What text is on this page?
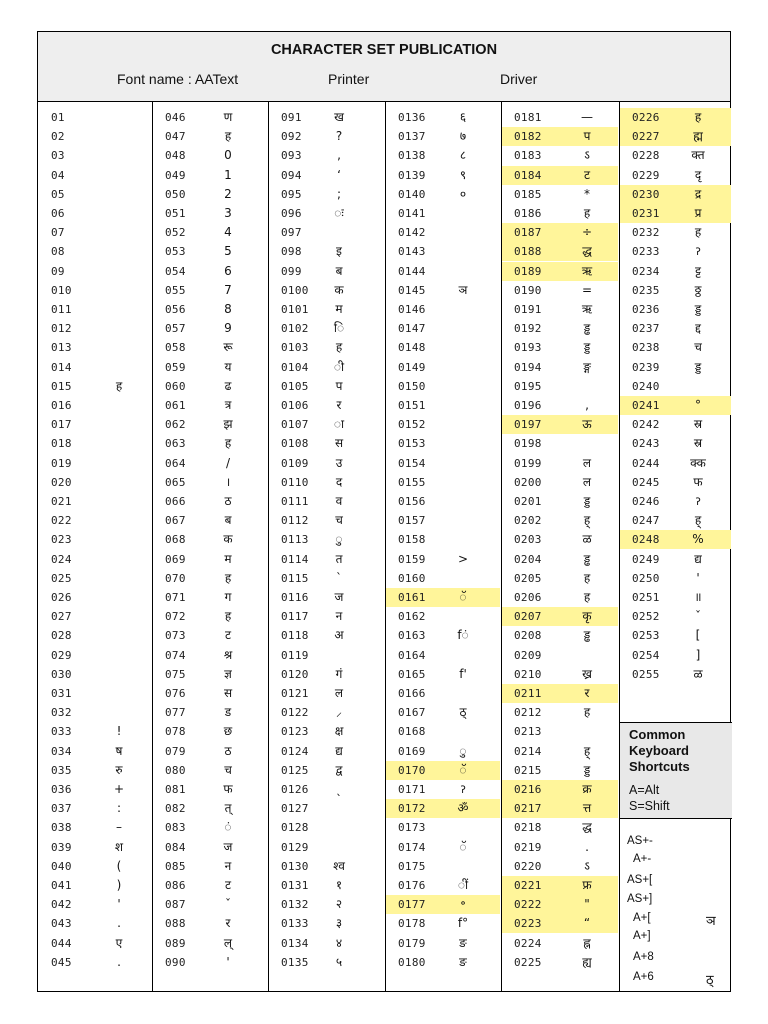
CHARACTER SET PUBLICATION
Font name : AAText	Printer	Driver
01
02
03
04
05
06
07
08
09
010
011
012
013
014
015	ह
016
017
018
019
020
021
022
023
024
025
026
027
028
029
030
031
032
033	!
034	ष
035	रु
036	+
037	:
038	–
039	श
040	(
041	)
042	'
043	.
044	ए
045	.
046	ण
047	ह
048	0
049	1
050	2
051	3
052	4
053	5
054	6
055	7
056	8
057	9
058	रू
059	य
060	ढ
061	त्र
062	झ
063	ह
064	/
065	।
066	ठ
067	ब
068	क
069	म
070	ह
071	ग
072	ह
073	ट
074	श्र
075	ज्ञ
076	स
077	ड
078	छ
079	ठ
080	च
081	फ
082	त्
083	ं
084	ज
085	न
086	ट
087	ˇ
088	र
089	ल्
090	'
091	ख
092	?
093	,
094	‘
095	;
096	ः
097
098	इ
099	ब
0100	क
0101	म
0102	ि
0103	ह
0104	ी
0105	प
0106	र
0107	ा
0108	स
0109	उ
0110	द
0111	व
0112	च
0113	ु
0114	त
0115	`
0116	ज
0117	न
0118	अ
0119
0120	गं
0121	ल
0122	⸝
0123	क्ष
0124	द्य
0125	द्व
0126	ˎ
0127
0128
0129
0130	श्व
0131	१
0132	२
0133	३
0134	४
0135	५
0136	६
0137	७
0138	८
0139	९
0140	०
0141
0142
0143
0144
0145	ञ
0146
0147
0148
0149
0150
0151
0152
0153
0154
0155
0156
0157
0158
0159	>
0160
0161	ॅ
0162
0163	fं
0164
0165	f'
0166
0167	ठ्
0168
0169	ु
0170	ॅ
0171	ॽ
0172	ॐ
0173
0174	ॅ
0175
0176	ीं
0177	॰
0178	f°
0179	ङ
0180	ङ
0181	—
0182	प
0183	ऽ
0184	ट
0185	*
0186	ह
0187	÷
0188	द्ध
0189	ऋ
0190	=
0191	ऋ
0192	ड्ढ
0193	ड्ड
0194	ङ्ग
0195
0196	,
0197	ऊ
0198
0199	ल
0200	ल
0201	ड्ड
0202	ह्
0203	ळ
0204	ड्ढ
0205	ह
0206	ह
0207	कृ
0208	ड्ढ
0209
0210	ख्र
0211	र
0212	ह
0213
0214	ह्
0215	ड्ड
0216	क्र
0217	त्त
0218	द्ध
0219	.
0220	ऽ
0221	फ्र
0222	"
0223	“
0224	ह्न
0225	ह्य
0226	ह
0227	ह्म
0228	क्त
0229	दृ
0230	द्र
0231	प्र
0232	ह
0233	ॽ
0234	ट्ट
0235	ठ्ठ
0236	ड्ड
0237	द्द
0238	च
0239	ड्ड
0240
0241	°
0242	स्र
0243	स्र
0244	क्क
0245	फ
0246	ॽ
0247	ह्
0248	%
0249	द्य
0250	'
0251	॥
0252	ˇ
0253	[
0254	]
0255	ळ
Common Keyboard Shortcuts
A=Alt
S=Shift
AS+-
A+-
AS+[
AS+]
A+[	ञ
A+]
A+8
A+6	ठ्
